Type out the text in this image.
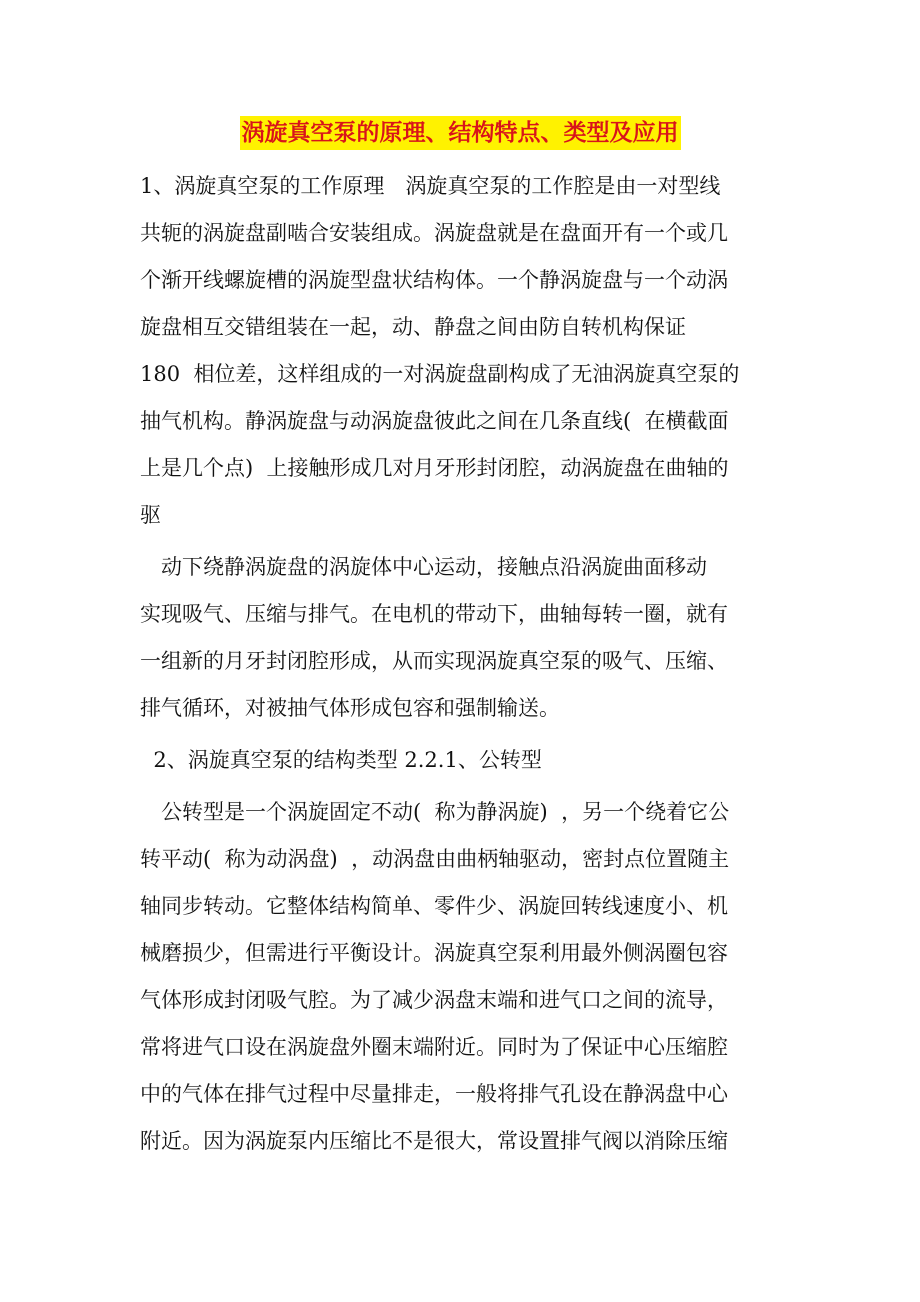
涡旋真空泵的原理、结构特点、类型及应用
1、涡旋真空泵的工作原理　涡旋真空泵的工作腔是由一对型线
共轭的涡旋盘副啮合安装组成。涡旋盘就是在盘面开有一个或几
个渐开线螺旋槽的涡旋型盘状结构体。一个静涡旋盘与一个动涡
旋盘相互交错组装在一起，动、静盘之间由防自转机构保证
180  相位差，这样组成的一对涡旋盘副构成了无油涡旋真空泵的
抽气机构。静涡旋盘与动涡旋盘彼此之间在几条直线(  在横截面
上是几个点)  上接触形成几对月牙形封闭腔，动涡旋盘在曲轴的
驱
　动下绕静涡旋盘的涡旋体中心运动，接触点沿涡旋曲面移动
实现吸气、压缩与排气。在电机的带动下，曲轴每转一圈，就有
一组新的月牙封闭腔形成，从而实现涡旋真空泵的吸气、压缩、
排气循环，对被抽气体形成包容和强制输送。
2、涡旋真空泵的结构类型 2.2.1、公转型
　公转型是一个涡旋固定不动(  称为静涡旋)  ，另一个绕着它公
转平动(  称为动涡盘)  ，动涡盘由曲柄轴驱动，密封点位置随主
轴同步转动。它整体结构简单、零件少、涡旋回转线速度小、机
械磨损少，但需进行平衡设计。涡旋真空泵利用最外侧涡圈包容
气体形成封闭吸气腔。为了减少涡盘末端和进气口之间的流导，
常将进气口设在涡旋盘外圈末端附近。同时为了保证中心压缩腔
中的气体在排气过程中尽量排走，一般将排气孔设在静涡盘中心
附近。因为涡旋泵内压缩比不是很大，常设置排气阀以消除压缩
